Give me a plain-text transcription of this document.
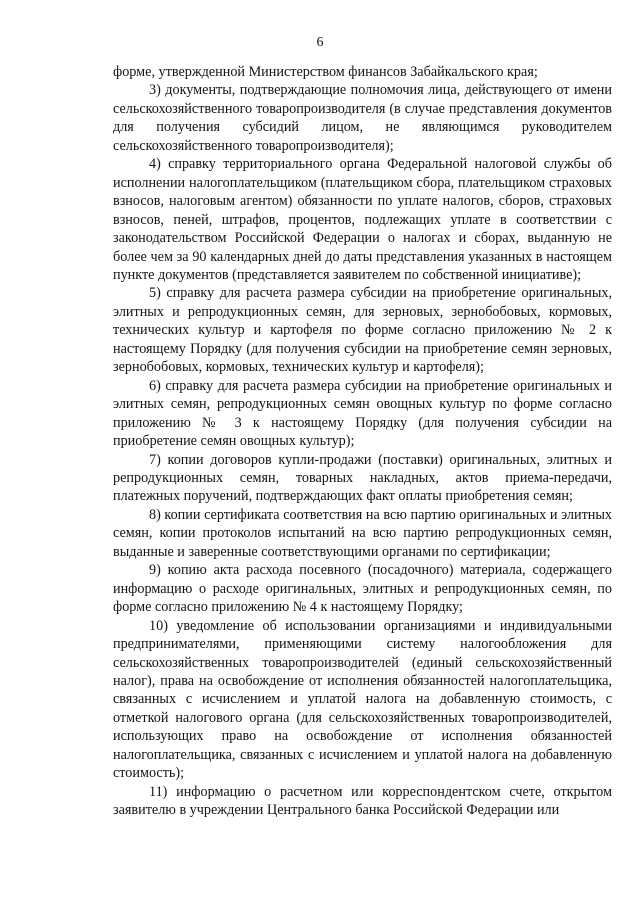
6

форме, утвержденной Министерством финансов Забайкальского края;

3) документы, подтверждающие полномочия лица, действующего от имени сельскохозяйственного товаропроизводителя (в случае представления документов для получения субсидий лицом, не являющимся руководителем сельскохозяйственного товаропроизводителя);

4) справку территориального органа Федеральной налоговой службы об исполнении налогоплательщиком (плательщиком сбора, плательщиком страховых взносов, налоговым агентом) обязанности по уплате налогов, сборов, страховых взносов, пеней, штрафов, процентов, подлежащих уплате в соответствии с законодательством Российской Федерации о налогах и сборах, выданную не более чем за 90 календарных дней до даты представления указанных в настоящем пункте документов (представляется заявителем по собственной инициативе);

5) справку для расчета размера субсидии на приобретение оригинальных, элитных и репродукционных семян, для зерновых, зернобобовых, кормовых, технических культур и картофеля по форме согласно приложению № 2 к настоящему Порядку (для получения субсидии на приобретение семян зерновых, зернобобовых, кормовых, технических культур и картофеля);

6) справку для расчета размера субсидии на приобретение оригинальных и элитных семян, репродукционных семян овощных культур по форме согласно приложению № 3 к настоящему Порядку (для получения субсидии на приобретение семян овощных культур);

7) копии договоров купли-продажи (поставки) оригинальных, элитных и репродукционных семян, товарных накладных, актов приема-передачи, платежных поручений, подтверждающих факт оплаты приобретения семян;

8) копии сертификата соответствия на всю партию оригинальных и элитных семян, копии протоколов испытаний на всю партию репродукционных семян, выданные и заверенные соответствующими органами по сертификации;

9) копию акта расхода посевного (посадочного) материала, содержащего информацию о расходе оригинальных, элитных и репродукционных семян, по форме согласно приложению № 4 к настоящему Порядку;

10) уведомление об использовании организациями и индивидуальными предпринимателями, применяющими систему налогообложения для сельскохозяйственных товаропроизводителей (единый сельскохозяйственный налог), права на освобождение от исполнения обязанностей налогоплательщика, связанных с исчислением и уплатой налога на добавленную стоимость, с отметкой налогового органа (для сельскохозяйственных товаропроизводителей, использующих право на освобождение от исполнения обязанностей налогоплательщика, связанных с исчислением и уплатой налога на добавленную стоимость);

11) информацию о расчетном или корреспондентском счете, открытом заявителю в учреждении Центрального банка Российской Федерации или
